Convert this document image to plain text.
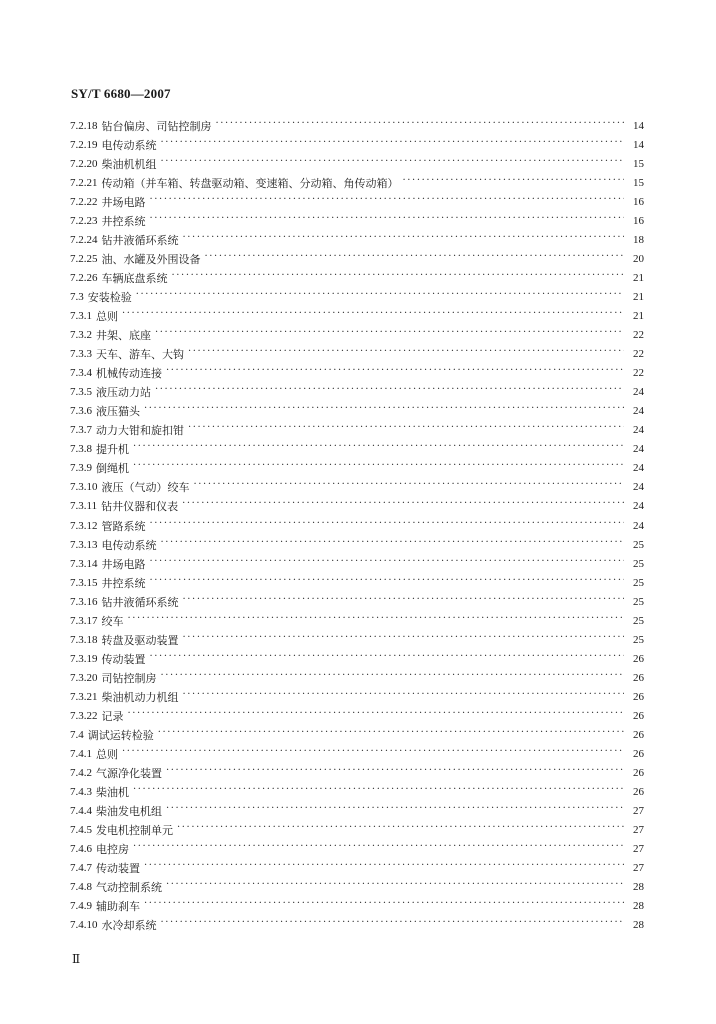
SY/T 6680—2007
7.2.18 钻台偏房、司钻控制房 ·····	14
7.2.19 电传动系统 ·····	14
7.2.20 柴油机机组 ·····	15
7.2.21 传动箱（并车箱、转盘驱动箱、变速箱、分动箱、角传动箱） ·····	15
7.2.22 井场电路 ·····	16
7.2.23 井控系统 ·····	16
7.2.24 钻井液循环系统 ·····	18
7.2.25 油、水罐及外围设备 ·····	20
7.2.26 车辆底盘系统 ·····	21
7.3 安装检验 ·····	21
7.3.1 总则 ·····	21
7.3.2 井架、底座 ·····	22
7.3.3 天车、游车、大钩 ·····	22
7.3.4 机械传动连接 ·····	22
7.3.5 液压动力站 ·····	24
7.3.6 液压猫头 ·····	24
7.3.7 动力大钳和旋扣钳 ·····	24
7.3.8 提升机 ·····	24
7.3.9 倒绳机 ·····	24
7.3.10 液压（气动）绞车 ·····	24
7.3.11 钻井仪器和仪表 ·····	24
7.3.12 管路系统 ·····	24
7.3.13 电传动系统 ·····	25
7.3.14 井场电路 ·····	25
7.3.15 井控系统 ·····	25
7.3.16 钻井液循环系统 ·····	25
7.3.17 绞车 ·····	25
7.3.18 转盘及驱动装置 ·····	25
7.3.19 传动装置 ·····	26
7.3.20 司钻控制房 ·····	26
7.3.21 柴油机动力机组 ·····	26
7.3.22 记录 ·····	26
7.4 调试运转检验 ·····	26
7.4.1 总则 ·····	26
7.4.2 气源净化装置 ·····	26
7.4.3 柴油机 ·····	26
7.4.4 柴油发电机组 ·····	27
7.4.5 发电机控制单元 ·····	27
7.4.6 电控房 ·····	27
7.4.7 传动装置 ·····	27
7.4.8 气动控制系统 ·····	28
7.4.9 辅助刹车 ·····	28
7.4.10 水冷却系统 ·····	28
Ⅱ
